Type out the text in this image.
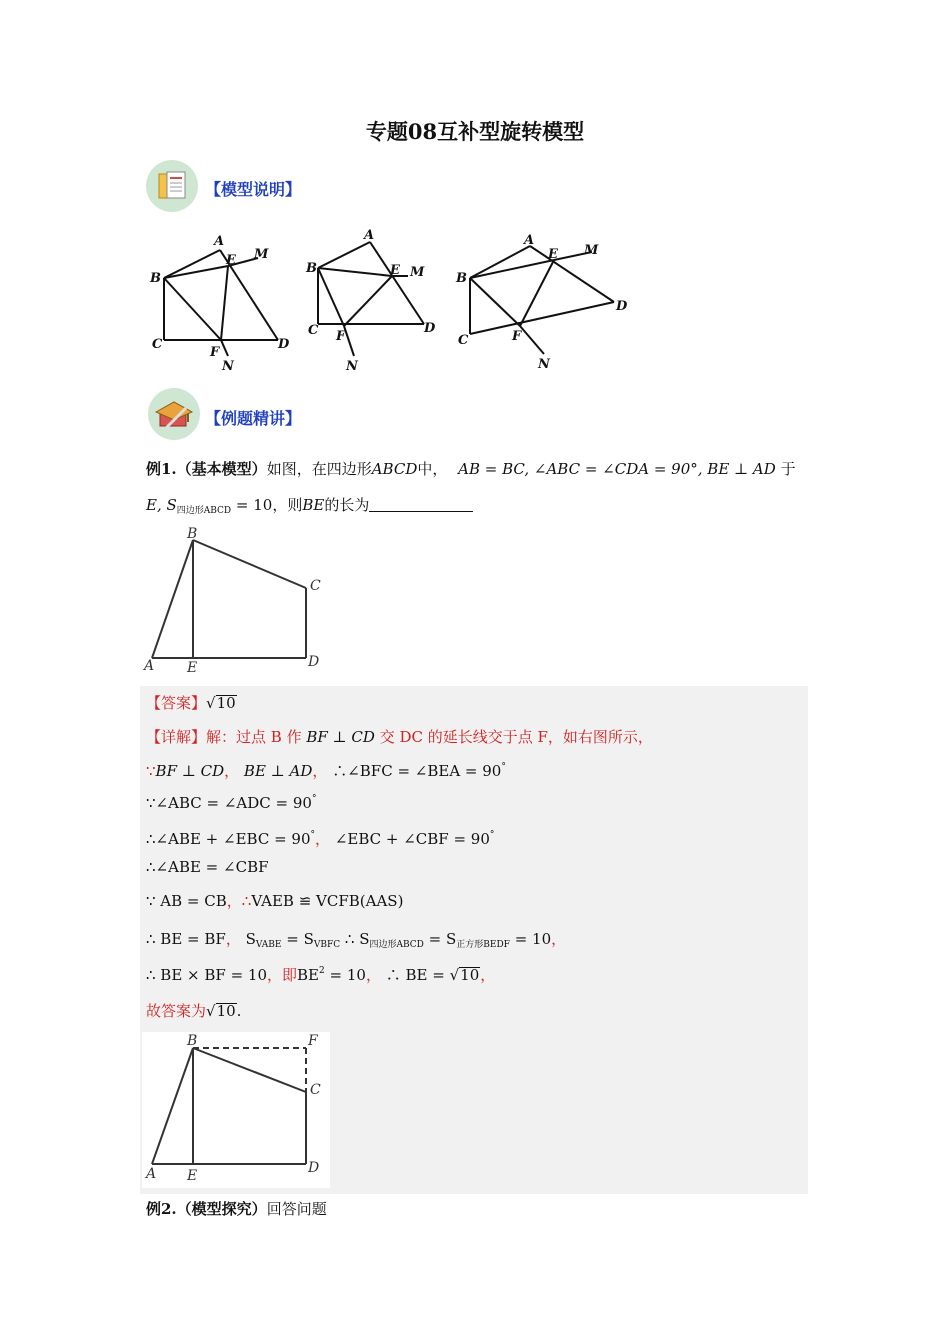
专题08互补型旋转模型
【模型说明】
A
B
C	D
E
F
M
N
A
B
C	D
E
F
M
N
A
B
C
D
E
F
M
N
【例题精讲】
例1.（基本模型）如图，在四边形ABCD中， AB = BC, ∠ABC = ∠CDA = 90°, BE ⊥ AD 于
E, $S_{四边形ABCD} = 10$，则BE的长为
B
C
A E	D
【答案】√10
【详解】解：过点 B 作 BF ⊥ CD 交 DC 的延长线交于点 F，如右图所示，
∵BF ⊥ CD， BE ⊥ AD， ∴∠BFC = ∠BEA = 90°
∵∠ABC = ∠ADC = 90°
∴∠ABE + ∠EBC = 90°， ∠EBC + ∠CBF = 90°
∴∠ABE = ∠CBF
∵ AB = CB，∴VAEB ≌ VCFB(AAS)
∴ BE = BF， $S_{VABE} = S_{VBFC}$ ∴ $S_{四边形ABCD} = S_{正方形BEDF} = 10$，
∴ BE × BF = 10，即$BE^2 = 10$， ∴ BE = √10，
故答案为√10.
B	F
C
A E	D
例2.（模型探究）回答问题
